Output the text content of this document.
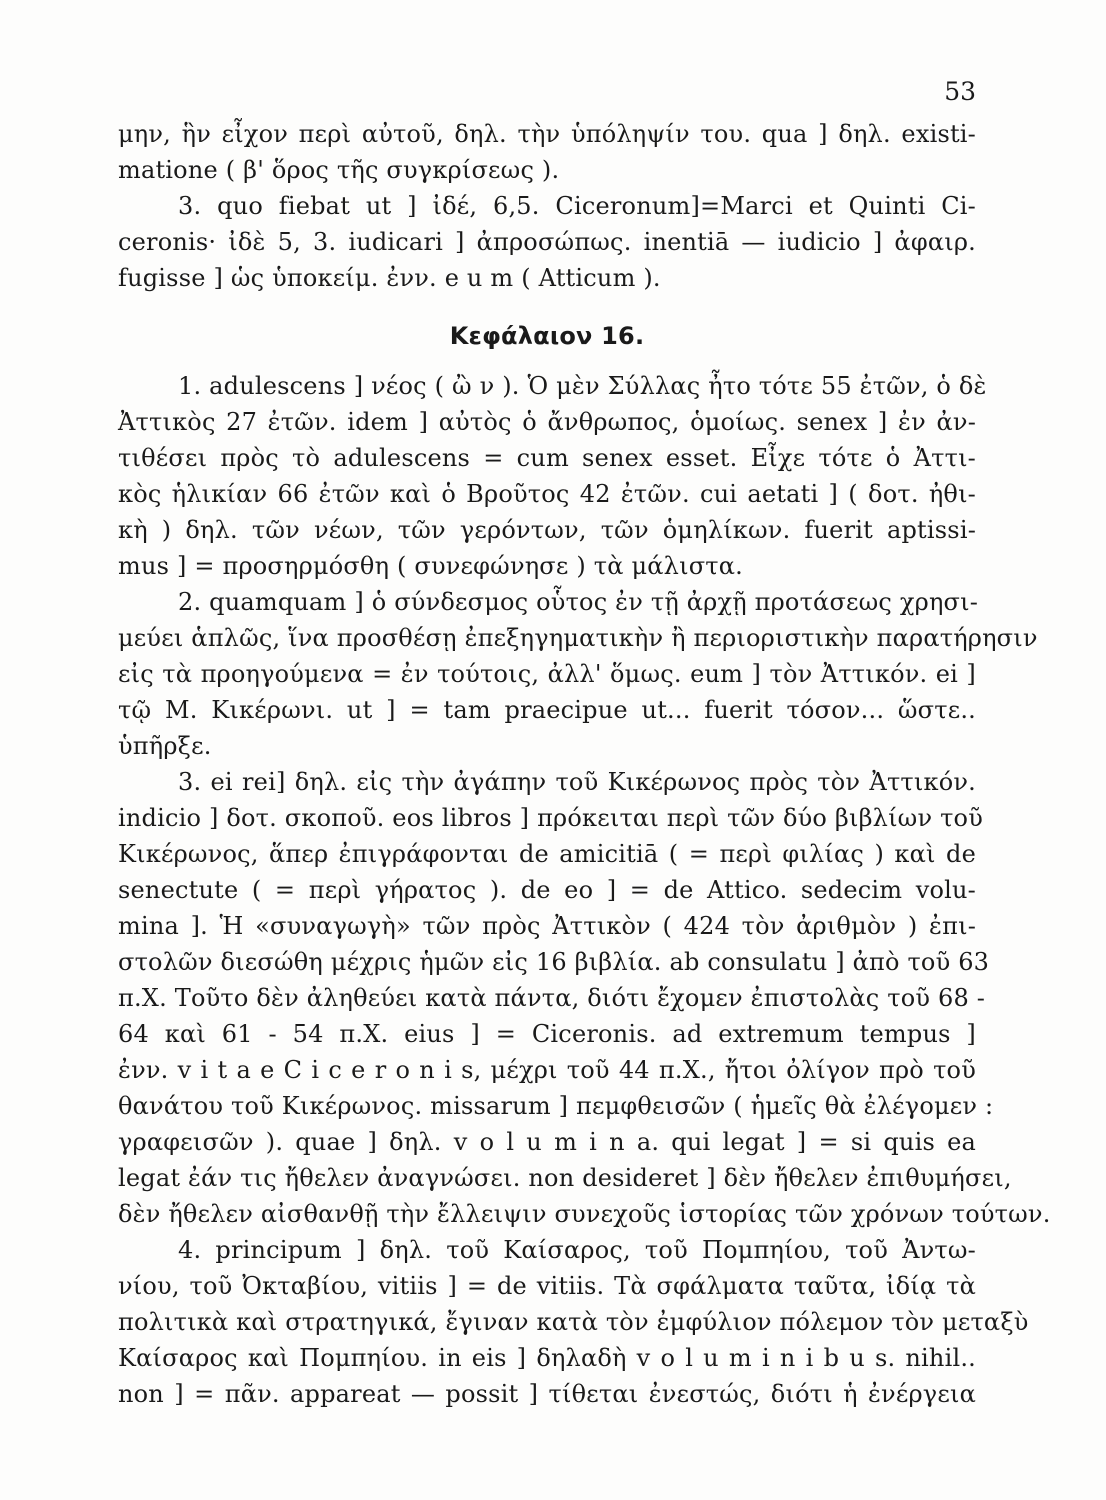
53
μην, ἣν εἶχον περὶ αὐτοῦ, δηλ. τὴν ὑπόληψίν του. qua ] δηλ. existi-
matione ( β' ὅρος τῆς συγκρίσεως ).
3. quo fiebat ut ] ἰδέ, 6,5. Ciceronum]=Marci et Quinti Ci-
ceronis· ἰδὲ 5, 3. iudicari ] ἀπροσώπως. inentiā — iudicio ] ἀφαιρ.
fugisse ] ὡς ὑποκείμ. ἐνν. e u m ( Atticum ).
Κεφάλαιον 16.
1. adulescens ] νέος ( ὢ ν ). Ὁ μὲν Σύλλας ἦτο τότε 55 ἐτῶν, ὁ δὲ
Ἀττικὸς 27 ἐτῶν. idem ] αὐτὸς ὁ ἄνθρωπος, ὁμοίως. senex ] ἐν ἀν-
τιθέσει πρὸς τὸ adulescens = cum senex esset. Εἶχε τότε ὁ Ἀττι-
κὸς ἡλικίαν 66 ἐτῶν καὶ ὁ Βροῦτος 42 ἐτῶν. cui aetati ] ( δοτ. ἠθι-
κὴ ) δηλ. τῶν νέων, τῶν γερόντων, τῶν ὁμηλίκων. fuerit aptissi-
mus ] = προσηρμόσθη ( συνεφώνησε ) τὰ μάλιστα.
2. quamquam ] ὁ σύνδεσμος οὗτος ἐν τῇ ἀρχῇ προτάσεως χρησι-
μεύει ἁπλῶς, ἵνα προσθέσῃ ἐπεξηγηματικὴν ἢ περιοριστικὴν παρατήρησιν
εἰς τὰ προηγούμενα = ἐν τούτοις, ἀλλ' ὅμως. eum ] τὸν Ἀττικόν. ei ]
τῷ Μ. Κικέρωνι. ut ] = tam praecipue ut... fuerit τόσον... ὥστε..
ὑπῆρξε.
3. ei rei] δηλ. εἰς τὴν ἀγάπην τοῦ Κικέρωνος πρὸς τὸν Ἀττικόν.
indicio ] δοτ. σκοποῦ. eos libros ] πρόκειται περὶ τῶν δύο βιβλίων τοῦ
Κικέρωνος, ἅπερ ἐπιγράφονται de amicitiā ( = περὶ φιλίας ) καὶ de
senectute ( = περὶ γήρατος ). de eo ] = de Attico. sedecim volu-
mina ]. Ἡ «συναγωγὴ» τῶν πρὸς Ἀττικὸν ( 424 τὸν ἀριθμὸν ) ἐπι-
στολῶν διεσώθη μέχρις ἡμῶν εἰς 16 βιβλία. ab consulatu ] ἀπὸ τοῦ 63
π.Χ. Τοῦτο δὲν ἀληθεύει κατὰ πάντα, διότι ἔχομεν ἐπιστολὰς τοῦ 68 -
64 καὶ 61 - 54 π.Χ. eius ] = Ciceronis. ad extremum tempus ]
ἐνν. v i t a e C i c e r o n i s, μέχρι τοῦ 44 π.Χ., ἤτοι ὀλίγον πρὸ τοῦ
θανάτου τοῦ Κικέρωνος. missarum ] πεμφθεισῶν ( ἡμεῖς θὰ ἐλέγομεν :
γραφεισῶν ). quae ] δηλ. v o l u m i n a. qui legat ] = si quis ea
legat ἐάν τις ἤθελεν ἀναγνώσει. non desideret ] δὲν ἤθελεν ἐπιθυμήσει,
δὲν ἤθελεν αἰσθανθῇ τὴν ἔλλειψιν συνεχοῦς ἱστορίας τῶν χρόνων τούτων.
4. principum ] δηλ. τοῦ Καίσαρος, τοῦ Πομπηίου, τοῦ Ἀντω-
νίου, τοῦ Ὀκταβίου, vitiis ] = de vitiis. Τὰ σφάλματα ταῦτα, ἰδίᾳ τὰ
πολιτικὰ καὶ στρατηγικά, ἔγιναν κατὰ τὸν ἐμφύλιον πόλεμον τὸν μεταξὺ
Καίσαρος καὶ Πομπηίου. in eis ] δηλαδὴ v o l u m i n i b u s. nihil..
non ] = πᾶν. appareat — possit ] τίθεται ἐνεστώς, διότι ἡ ἐνέργεια
